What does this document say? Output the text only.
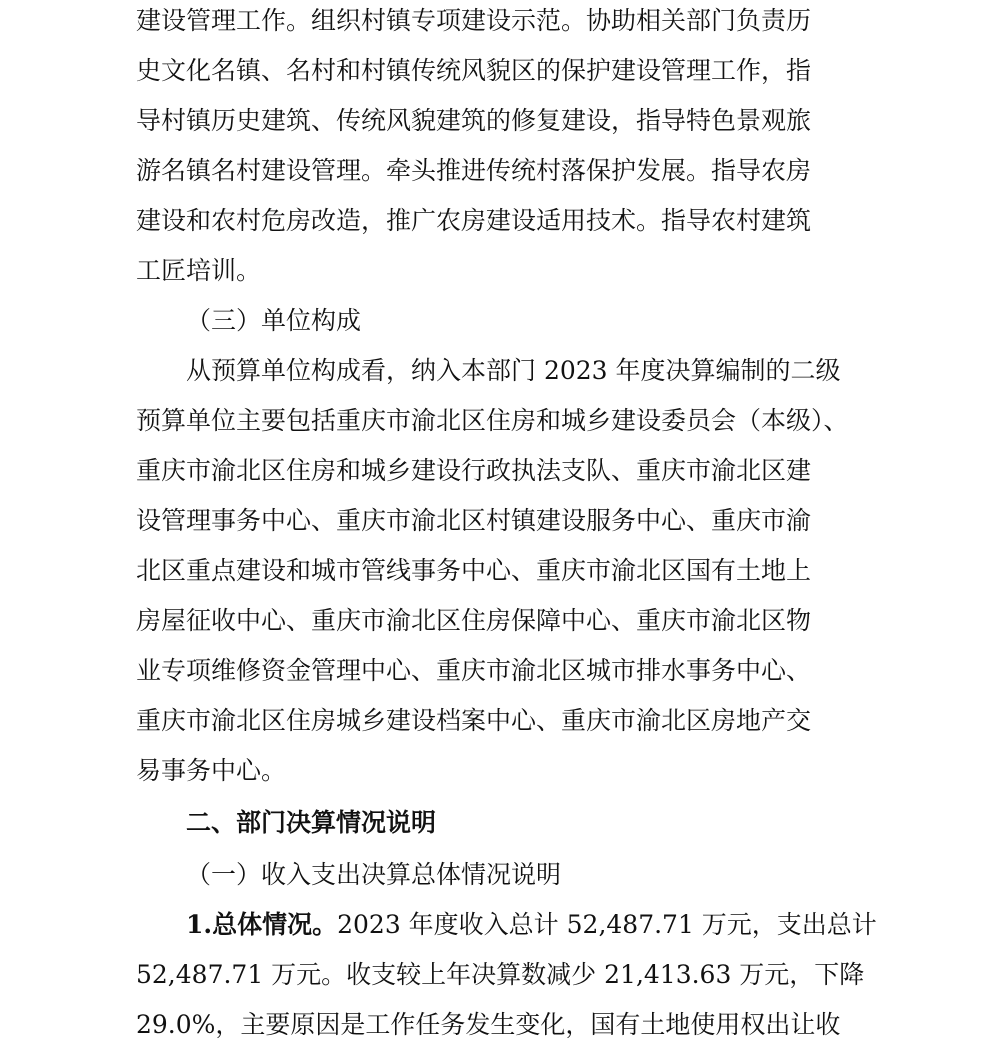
建设管理工作。组织村镇专项建设示范。协助相关部门负责历
史文化名镇、名村和村镇传统风貌区的保护建设管理工作，指
导村镇历史建筑、传统风貌建筑的修复建设，指导特色景观旅
游名镇名村建设管理。牵头推进传统村落保护发展。指导农房
建设和农村危房改造，推广农房建设适用技术。指导农村建筑
工匠培训。
（三）单位构成
从预算单位构成看，纳入本部门 2023 年度决算编制的二级
预算单位主要包括重庆市渝北区住房和城乡建设委员会（本级）、
重庆市渝北区住房和城乡建设行政执法支队、重庆市渝北区建
设管理事务中心、重庆市渝北区村镇建设服务中心、重庆市渝
北区重点建设和城市管线事务中心、重庆市渝北区国有土地上
房屋征收中心、重庆市渝北区住房保障中心、重庆市渝北区物
业专项维修资金管理中心、重庆市渝北区城市排水事务中心、
重庆市渝北区住房城乡建设档案中心、重庆市渝北区房地产交
易事务中心。
二、部门决算情况说明
（一）收入支出决算总体情况说明
1.总体情况。2023 年度收入总计 52,487.71 万元，支出总计
52,487.71 万元。收支较上年决算数减少 21,413.63 万元，下降
29.0%，主要原因是工作任务发生变化，国有土地使用权出让收
